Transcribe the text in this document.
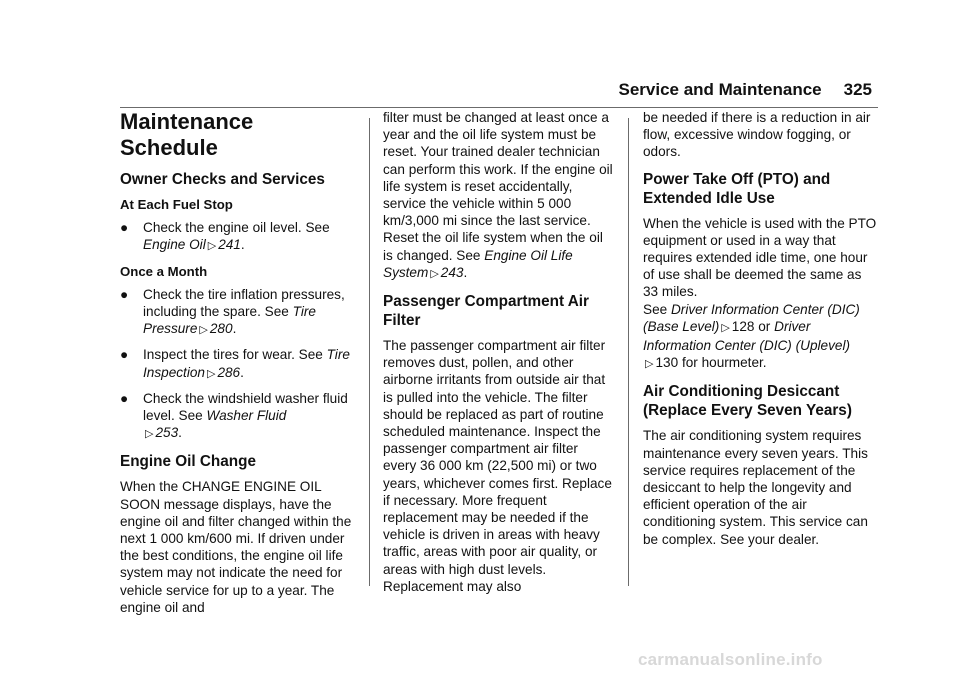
Service and Maintenance 325
Maintenance
Schedule
Owner Checks and Services
At Each Fuel Stop
● Check the engine oil level. See Engine Oil ▷ 241.
Once a Month
● Check the tire inflation pressures, including the spare. See Tire Pressure ▷ 280.
● Inspect the tires for wear. See Tire Inspection ▷ 286.
● Check the windshield washer fluid level. See Washer Fluid
▷ 253.
Engine Oil Change

When the CHANGE ENGINE OIL SOON message displays, have the engine oil and filter changed within the next 1 000 km/600 mi. If driven under the best conditions, the engine oil life system may not indicate the need for vehicle service for up to a year. The engine oil and

filter must be changed at least once a year and the oil life system must be reset. Your trained dealer technician can perform this work. If the engine oil life system is reset accidentally, service the vehicle within 5 000 km/3,000 mi since the last service. Reset the oil life system when the oil is changed. See Engine Oil Life System ▷ 243.

Passenger Compartment Air Filter

The passenger compartment air filter removes dust, pollen, and other airborne irritants from outside air that is pulled into the vehicle. The filter should be replaced as part of routine scheduled maintenance. Inspect the passenger compartment air filter every 36 000 km (22,500 mi) or two years, whichever comes first. Replace if necessary. More frequent replacement may be needed if the vehicle is driven in areas with heavy traffic, areas with poor air quality, or areas with high dust levels. Replacement may also

be needed if there is a reduction in air flow, excessive window fogging, or odors.

Power Take Off (PTO) and Extended Idle Use

When the vehicle is used with the PTO equipment or used in a way that requires extended idle time, one hour of use shall be deemed the same as 33 miles.
See Driver Information Center (DIC) (Base Level) ▷ 128 or Driver Information Center (DIC) (Uplevel)
▷ 130 for hourmeter.

Air Conditioning Desiccant (Replace Every Seven Years)

The air conditioning system requires maintenance every seven years. This service requires replacement of the desiccant to help the longevity and efficient operation of the air conditioning system. This service can be complex. See your dealer.

carmanualsonline.info
